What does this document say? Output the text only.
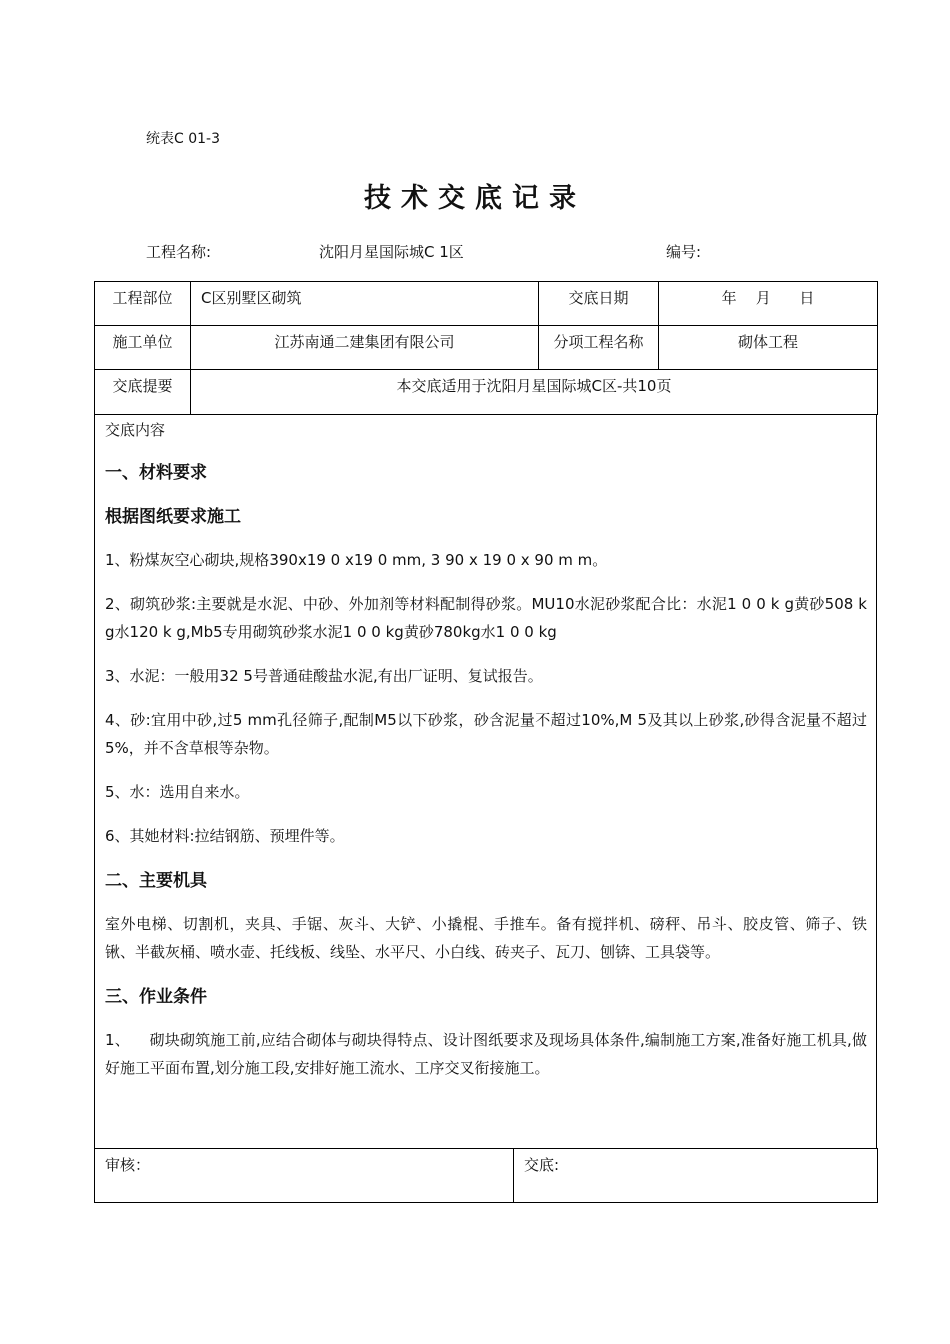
统表C 01-3
技术交底记录
工程名称:	沈阳月星国际城C 1区	编号:
工程部位	C区别墅区砌筑	交底日期	年    月      日

施工单位	江苏南通二建集团有限公司	分项工程名称	砌体工程

交底提要	本交底适用于沈阳月星国际城C区-共10页		
交底内容
一、材料要求
根据图纸要求施工
1、粉煤灰空心砌块,规格390x19 0 x19 0 mm, 3 90 x 19 0 x 90 m m。
2、砌筑砂浆:主要就是水泥、中砂、外加剂等材料配制得砂浆。MU10水泥砂浆配合比：水泥1 0 0 k g黄砂508 k g水120 k g,Mb5专用砌筑砂浆水泥1 0 0 kg黄砂780kg水1 0 0 kg
3、水泥：一般用32 5号普通硅酸盐水泥,有出厂证明、复试报告。
4、砂:宜用中砂,过5 mm孔径筛子,配制M5以下砂浆，砂含泥量不超过10%,M 5及其以上砂浆,砂得含泥量不超过5%，并不含草根等杂物。
5、水：选用自来水。
6、其她材料:拉结钢筋、预埋件等。
二、主要机具
室外电梯、切割机，夹具、手锯、灰斗、大铲、小撬棍、手推车。备有搅拌机、磅秤、吊斗、胶皮管、筛子、铁锹、半截灰桶、喷水壶、托线板、线坠、水平尺、小白线、砖夹子、瓦刀、刨锛、工具袋等。
三、作业条件
1、    砌块砌筑施工前,应结合砌体与砌块得特点、设计图纸要求及现场具体条件,编制施工方案,准备好施工机具,做好施工平面布置,划分施工段,安排好施工流水、工序交叉衔接施工。
审核：	交底:
